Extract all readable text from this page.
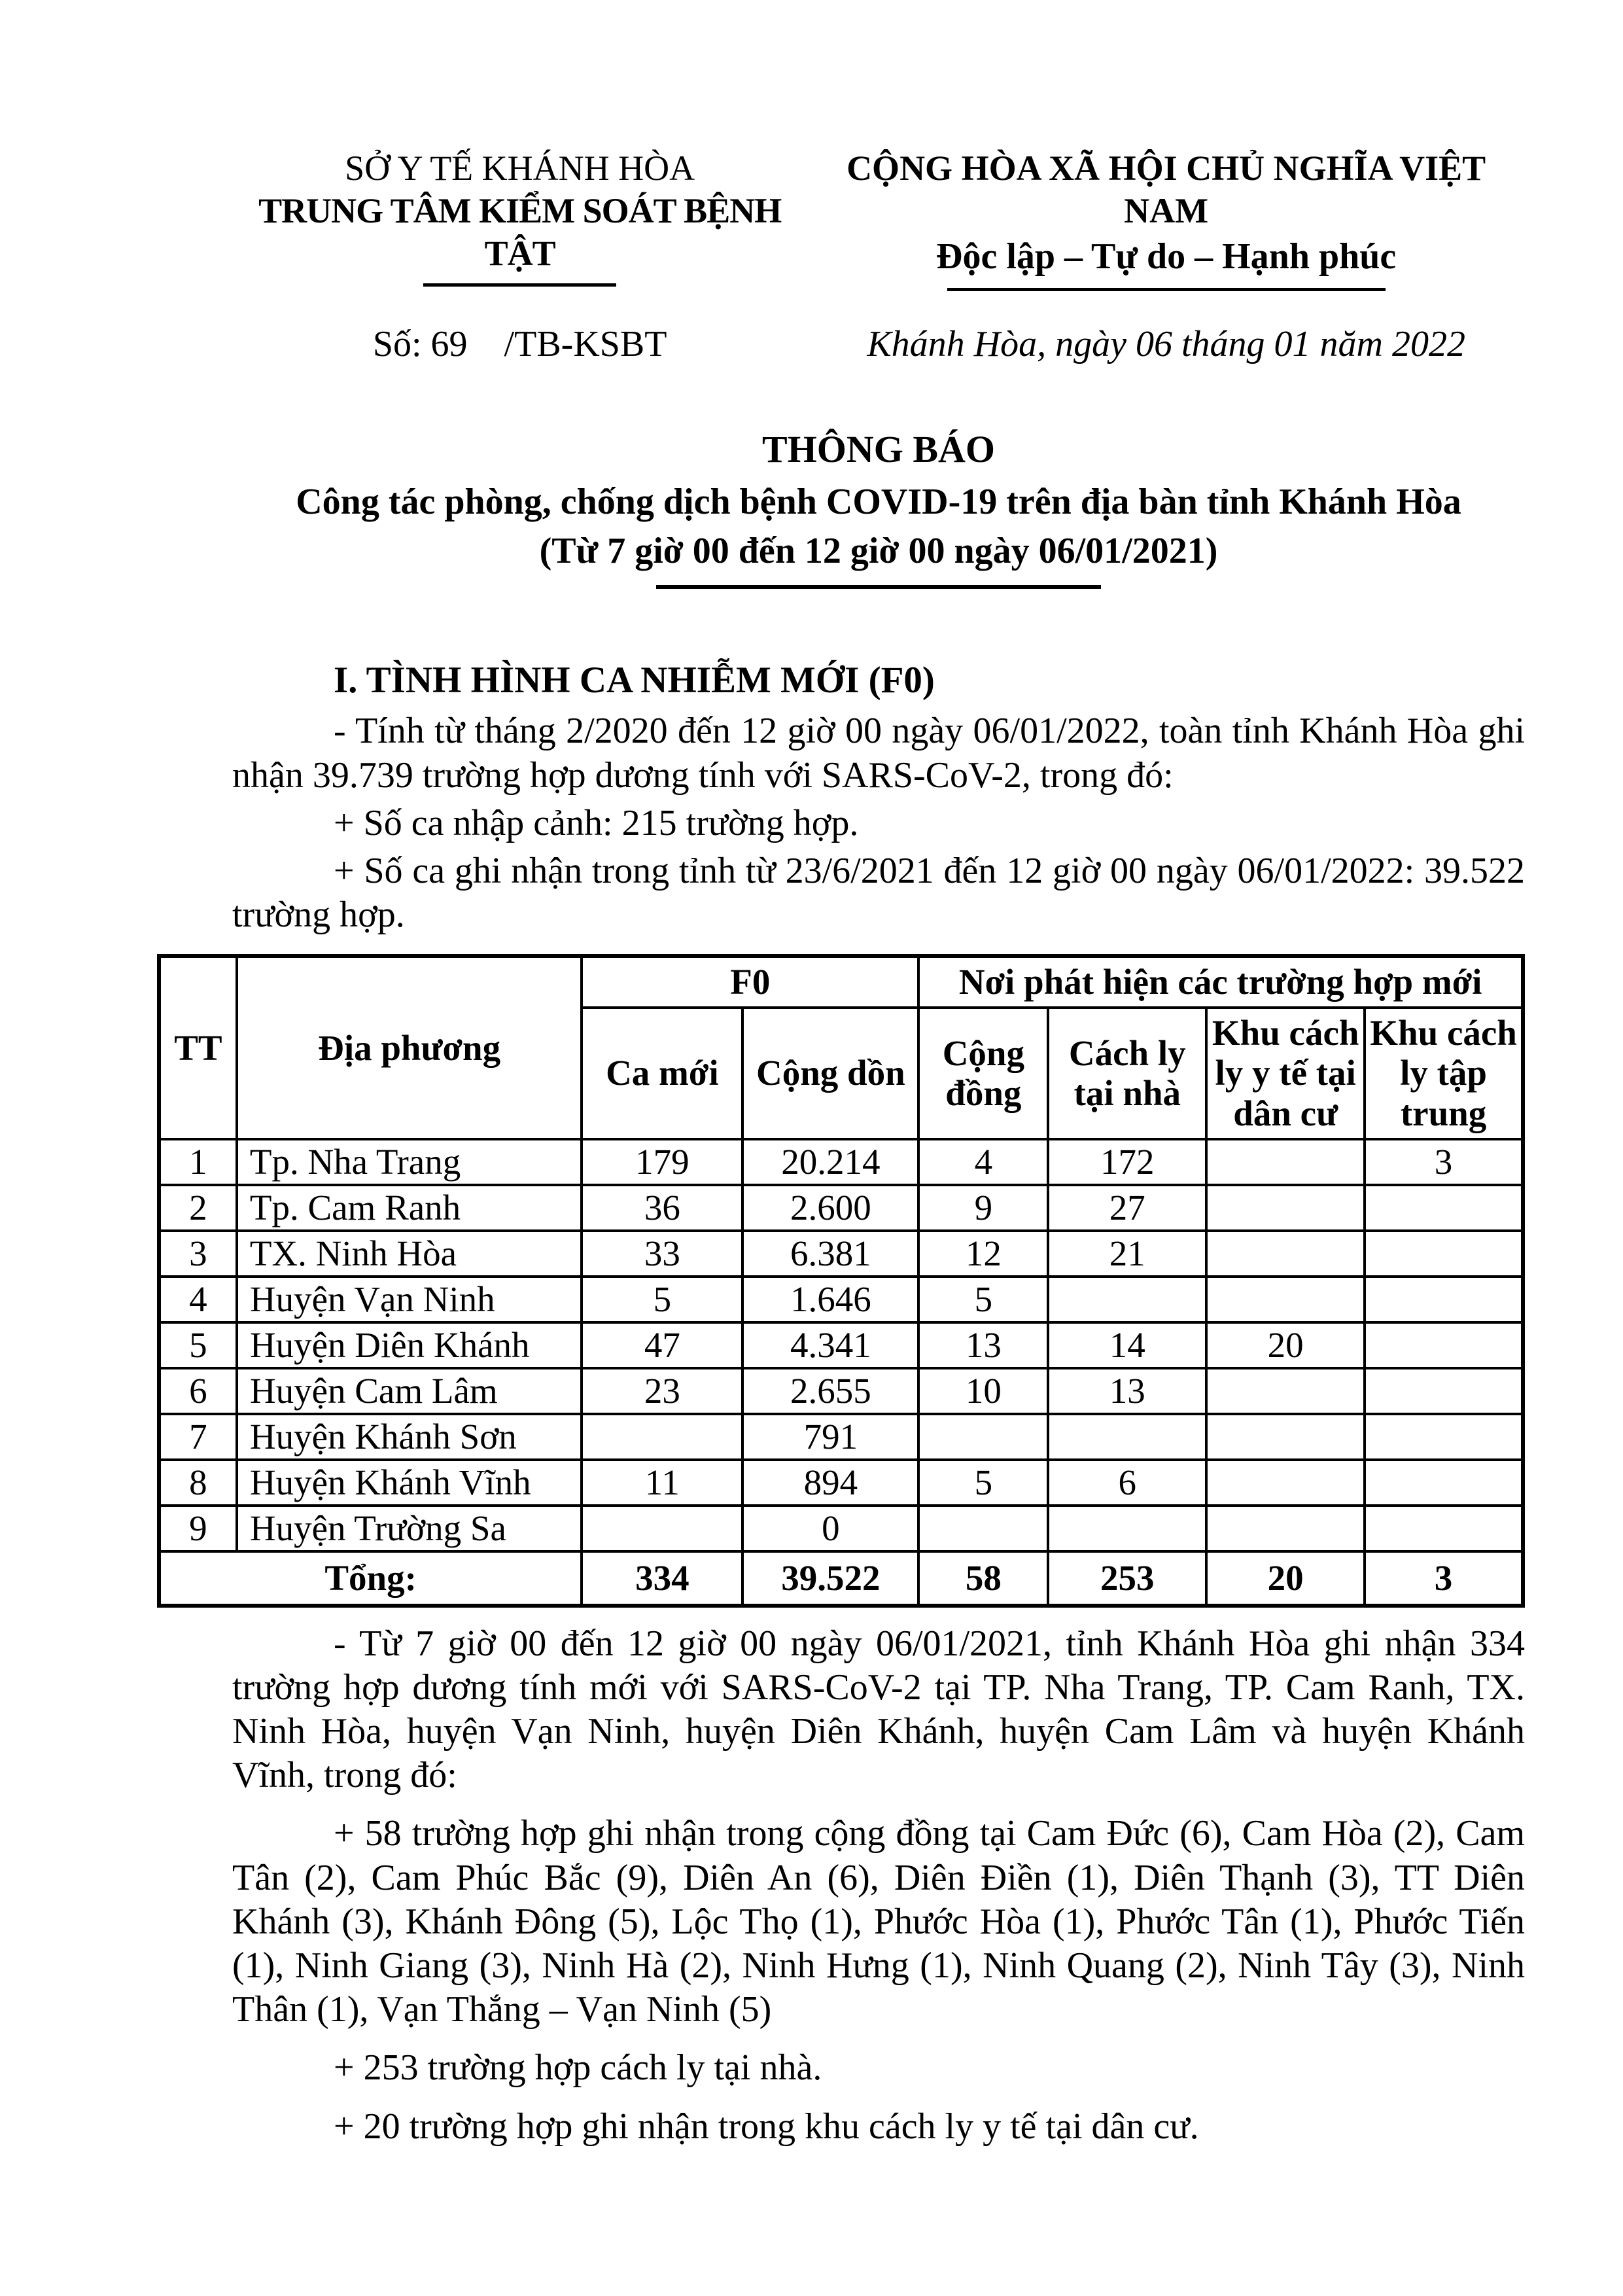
SỞ Y TẾ KHÁNH HÒA
TRUNG TÂM KIỂM SOÁT BỆNH TẬT
CỘNG HÒA XÃ HỘI CHỦ NGHĨA VIỆT NAM
Độc lập – Tự do – Hạnh phúc
Số: 69    /TB-KSBT	Khánh Hòa, ngày 06 tháng 01 năm 2022
THÔNG BÁO
Công tác phòng, chống dịch bệnh COVID-19 trên địa bàn tỉnh Khánh Hòa
(Từ 7 giờ 00 đến 12 giờ 00 ngày 06/01/2021)
I. TÌNH HÌNH CA NHIỄM MỚI (F0)

- Tính từ tháng 2/2020 đến 12 giờ 00 ngày 06/01/2022, toàn tỉnh Khánh Hòa ghi nhận 39.739 trường hợp dương tính với SARS-CoV-2, trong đó:

+ Số ca nhập cảnh: 215 trường hợp.

+ Số ca ghi nhận trong tỉnh từ 23/6/2021 đến 12 giờ 00 ngày 06/01/2022: 39.522 trường hợp.

TT	Địa phương	F0		Nơi phát hiện các trường hợp mới			
		Ca mới	Cộng dồn	Cộng đồng	Cách ly tại nhà	Khu cách ly y tế tại dân cư	Khu cách ly tập trung
1	Tp. Nha Trang	179	20.214	4	172		3
2	Tp. Cam Ranh	36	2.600	9	27		
3	TX. Ninh Hòa	33	6.381	12	21		
4	Huyện Vạn Ninh	5	1.646	5			
5	Huyện Diên Khánh	47	4.341	13	14	20	
6	Huyện Cam Lâm	23	2.655	10	13		
7	Huyện Khánh Sơn		791				
8	Huyện Khánh Vĩnh	11	894	5	6		
9	Huyện Trường Sa		0				
Tổng:		334	39.522	58	253	20	3

- Từ 7 giờ 00 đến 12 giờ 00 ngày 06/01/2021, tỉnh Khánh Hòa ghi nhận 334 trường hợp dương tính mới với SARS-CoV-2 tại TP. Nha Trang, TP. Cam Ranh, TX. Ninh Hòa, huyện Vạn Ninh, huyện Diên Khánh, huyện Cam Lâm và huyện Khánh Vĩnh, trong đó:

+ 58 trường hợp ghi nhận trong cộng đồng tại Cam Đức (6), Cam Hòa (2), Cam Tân (2), Cam Phúc Bắc (9), Diên An (6), Diên Điền (1), Diên Thạnh (3), TT Diên Khánh (3), Khánh Đông (5), Lộc Thọ (1), Phước Hòa (1), Phước Tân (1), Phước Tiến (1), Ninh Giang (3), Ninh Hà (2), Ninh Hưng (1), Ninh Quang (2), Ninh Tây (3), Ninh Thân (1), Vạn Thắng – Vạn Ninh (5)

+ 253 trường hợp cách ly tại nhà.

+ 20 trường hợp ghi nhận trong khu cách ly y tế tại dân cư.
